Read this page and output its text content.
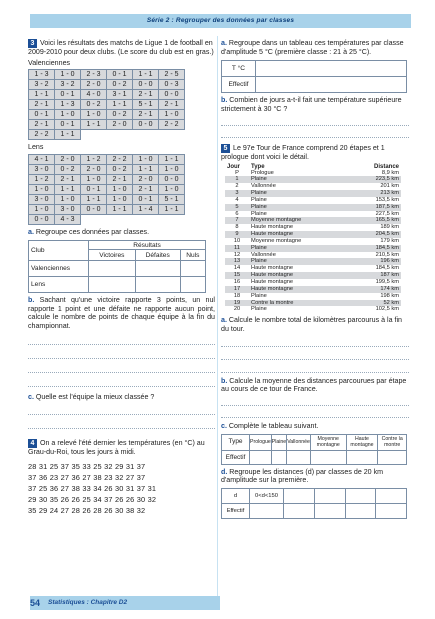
Série 2 : Regrouper des données par classes
3 Voici les résultats des matchs de Ligue 1 de football en 2009-2010 pour deux clubs. (Le score du club est en gras.)
Valenciennes
1 - 3	1 - 0	2 - 3	0 - 1	1 - 1	2 - 5
3 - 2	3 - 2	2 - 0	0 - 2	0 - 0	0 - 3
1 - 1	0 - 1	4 - 0	3 - 1	2 - 1	0 - 0
2 - 1	1 - 3	0 - 2	1 - 1	5 - 1	2 - 1
0 - 1	1 - 0	1 - 0	0 - 2	2 - 1	1 - 0
2 - 1	0 - 1	1 - 1	2 - 0	0 - 0	2 - 2
2 - 2	1 - 1				
Lens
4 - 1	2 - 0	1 - 2	2 - 2	1 - 0	1 - 1
3 - 0	0 - 2	2 - 0	0 - 2	1 - 1	1 - 0
1 - 2	2 - 1	1 - 0	2 - 1	2 - 0	0 - 0
1 - 0	1 - 1	0 - 1	1 - 0	2 - 1	1 - 0
3 - 0	1 - 0	1 - 1	1 - 0	0 - 1	5 - 1
1 - 0	3 - 0	0 - 0	1 - 1	1 - 4	1 - 1
0 - 0	4 - 3				
a. Regroupe ces données par classes.
Club	Résultats		
	Victoires	Défaites	Nuls
Valenciennes			
Lens			
b. Sachant qu'une victoire rapporte 3 points, un nul rapporte 1 point et une défaite ne rapporte aucun point, calcule le nombre de points de chaque équipe à la fin du championnat.
c. Quelle est l'équipe la mieux classée ?
4 On a relevé l'été dernier les températures (en °C) au Grau-du-Roi, tous les jours à midi.
28 31 25 37 35 33 25 32 29 31 37
37 36 23 27 36 27 38 23 32 27 37
37 25 36 27 38 33 34 26 30 31 37 31
29 30 35 26 26 25 34 37 26 26 30 32
35 29 24 27 28 26 28 26 30 38 32
a. Regroupe dans un tableau ces températures par classe d'amplitude 5 °C (première classe : 21 à 25 °C).
T °C	
Effectif	
b. Combien de jours a-t-il fait une température supérieure strictement à 30 °C ?
5 Le 97e Tour de France comprend 20 étapes et 1 prologue dont voici le détail.
Jour	Type	Distance
P	Prologue	8,9 km
1	Plaine	223,5 km
2	Vallonnée	201 km
3	Plaine	213 km
4	Plaine	153,5 km
5	Plaine	187,5 km
6	Plaine	227,5 km
7	Moyenne montagne	165,5 km
8	Haute montagne	189 km
9	Haute montagne	204,5 km
10	Moyenne montagne	179 km
11	Plaine	184,5 km
12	Vallonnée	210,5 km
13	Plaine	196 km
14	Haute montagne	184,5 km
15	Haute montagne	187 km
16	Haute montagne	199,5 km
17	Haute montagne	174 km
18	Plaine	198 km
19	Contre la montre	52 km
20	Plaine	102,5 km
a. Calcule le nombre total de kilomètres parcourus à la fin du tour.
b. Calcule la moyenne des distances parcourues par étape au cours de ce tour de France.
c. Complète le tableau suivant.
Type	Prologue	Plaine	Vallonnée	Moyenne montagne	Haute montagne	Contre la montre
Effectif						
d. Regroupe les distances (d) par classes de 20 km d'amplitude sur la première.
d	0<d<150				
Effectif					
54	Statistiques : Chapitre D2
